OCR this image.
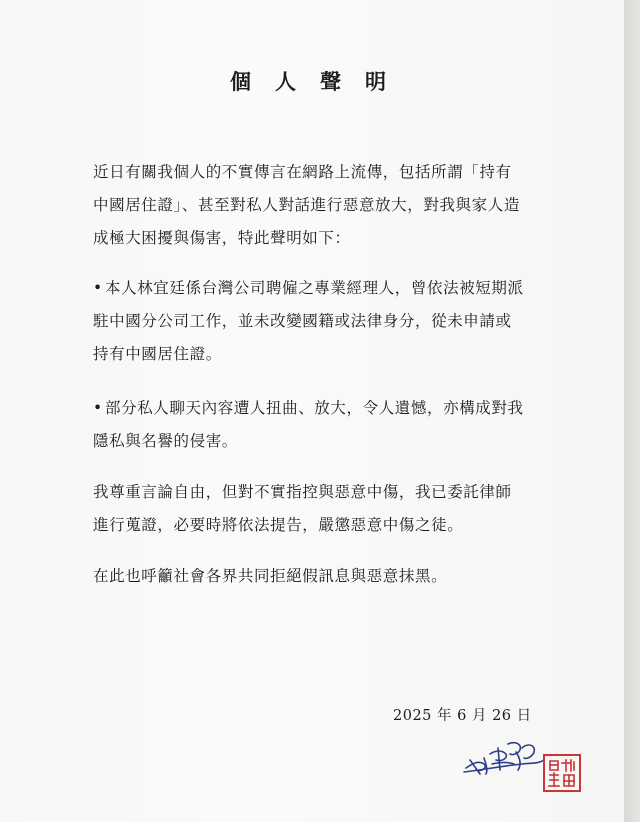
個人聲明

近日有關我個人的不實傳言在網路上流傳，包括所謂「持有中國居住證」、甚至對私人對話進行惡意放大，對我與家人造成極大困擾與傷害，特此聲明如下：

• 本人林宜廷係台灣公司聘僱之專業經理人，曾依法被短期派駐中國分公司工作，並未改變國籍或法律身分，從未申請或持有中國居住證。

• 部分私人聊天內容遭人扭曲、放大，令人遺憾，亦構成對我隱私與名譽的侵害。

我尊重言論自由，但對不實指控與惡意中傷，我已委託律師進行蒐證，必要時將依法提告，嚴懲惡意中傷之徒。

在此也呼籲社會各界共同拒絕假訊息與惡意抹黑。

2025 年 6 月 26 日
